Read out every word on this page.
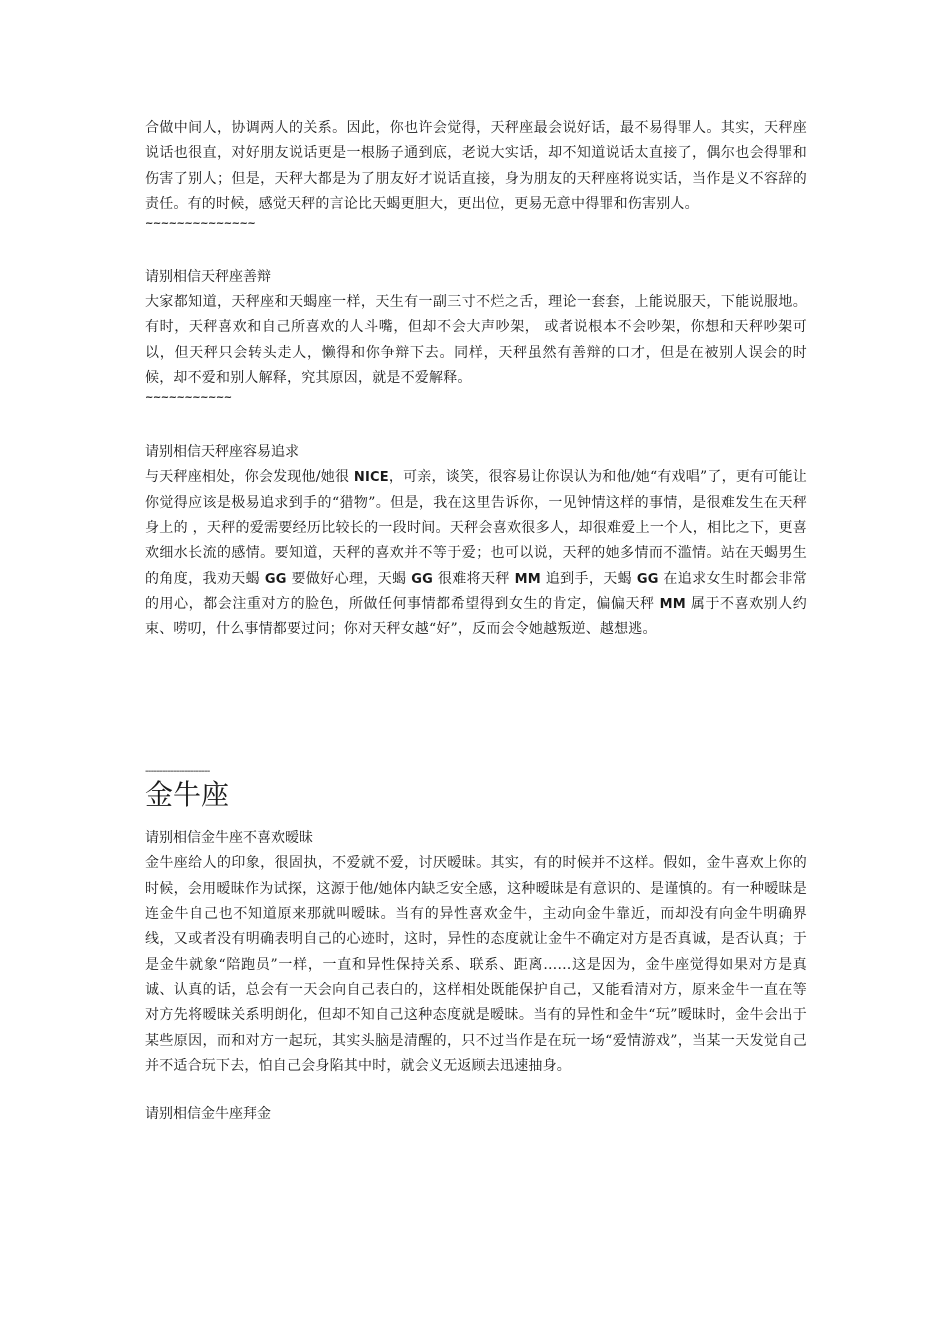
合做中间人，协调两人的关系。因此，你也许会觉得，天秤座最会说好话，最不易得罪人。其实，天秤座说话也很直，对好朋友说话更是一根肠子通到底，老说大实话，却不知道说话太直接了，偶尔也会得罪和伤害了别人；但是，天秤大都是为了朋友好才说话直接，身为朋友的天秤座将说实话，当作是义不容辞的责任。有的时候，感觉天秤的言论比天蝎更胆大，更出位，更易无意中得罪和伤害别人。

~~~~~~~~~~~~~~

请别相信天秤座善辩

大家都知道，天秤座和天蝎座一样，天生有一副三寸不烂之舌，理论一套套，上能说服天，下能说服地。有时，天秤喜欢和自己所喜欢的人斗嘴，但却不会大声吵架， 或者说根本不会吵架，你想和天秤吵架可以，但天秤只会转头走人，懒得和你争辩下去。同样，天秤虽然有善辩的口才，但是在被别人误会的时候，却不爱和别人解释，究其原因，就是不爱解释。

~~~~~~~~~~~

请别相信天秤座容易追求

与天秤座相处，你会发现他/她很 NICE，可亲，谈笑，很容易让你误认为和他/她“有戏唱”了，更有可能让你觉得应该是极易追求到手的“猎物”。但是，我在这里告诉你，一见钟情这样的事情，是很难发生在天秤身上的 ，天秤的爱需要经历比较长的一段时间。天秤会喜欢很多人，却很难爱上一个人，相比之下，更喜欢细水长流的感情。要知道，天秤的喜欢并不等于爱；也可以说，天秤的她多情而不滥情。站在天蝎男生的角度，我劝天蝎 GG 要做好心理，天蝎 GG 很难将天秤 MM 追到手，天蝎 GG 在追求女生时都会非常的用心，都会注重对方的脸色，所做任何事情都希望得到女生的肯定，偏偏天秤 MM 属于不喜欢别人约束、唠叨，什么事情都要过问；你对天秤女越“好”，反而会令她越叛逆、越想逃。

-----------------------

金牛座

请别相信金牛座不喜欢暧昧

金牛座给人的印象，很固执，不爱就不爱，讨厌暧昧。其实，有的时候并不这样。假如，金牛喜欢上你的时候，会用暧昧作为试探，这源于他/她体内缺乏安全感，这种暧昧是有意识的、是谨慎的。有一种暧昧是连金牛自己也不知道原来那就叫暧昧。当有的异性喜欢金牛，主动向金牛靠近，而却没有向金牛明确界线，又或者没有明确表明自己的心迹时，这时，异性的态度就让金牛不确定对方是否真诚，是否认真；于是金牛就象“陪跑员”一样，一直和异性保持关系、联系、距离……这是因为，金牛座觉得如果对方是真诚、认真的话，总会有一天会向自己表白的，这样相处既能保护自己，又能看清对方，原来金牛一直在等对方先将暧昧关系明朗化，但却不知自己这种态度就是暧昧。当有的异性和金牛“玩”暧昧时，金牛会出于某些原因，而和对方一起玩，其实头脑是清醒的，只不过当作是在玩一场“爱情游戏”，当某一天发觉自己并不适合玩下去，怕自己会身陷其中时，就会义无返顾去迅速抽身。

请别相信金牛座拜金
